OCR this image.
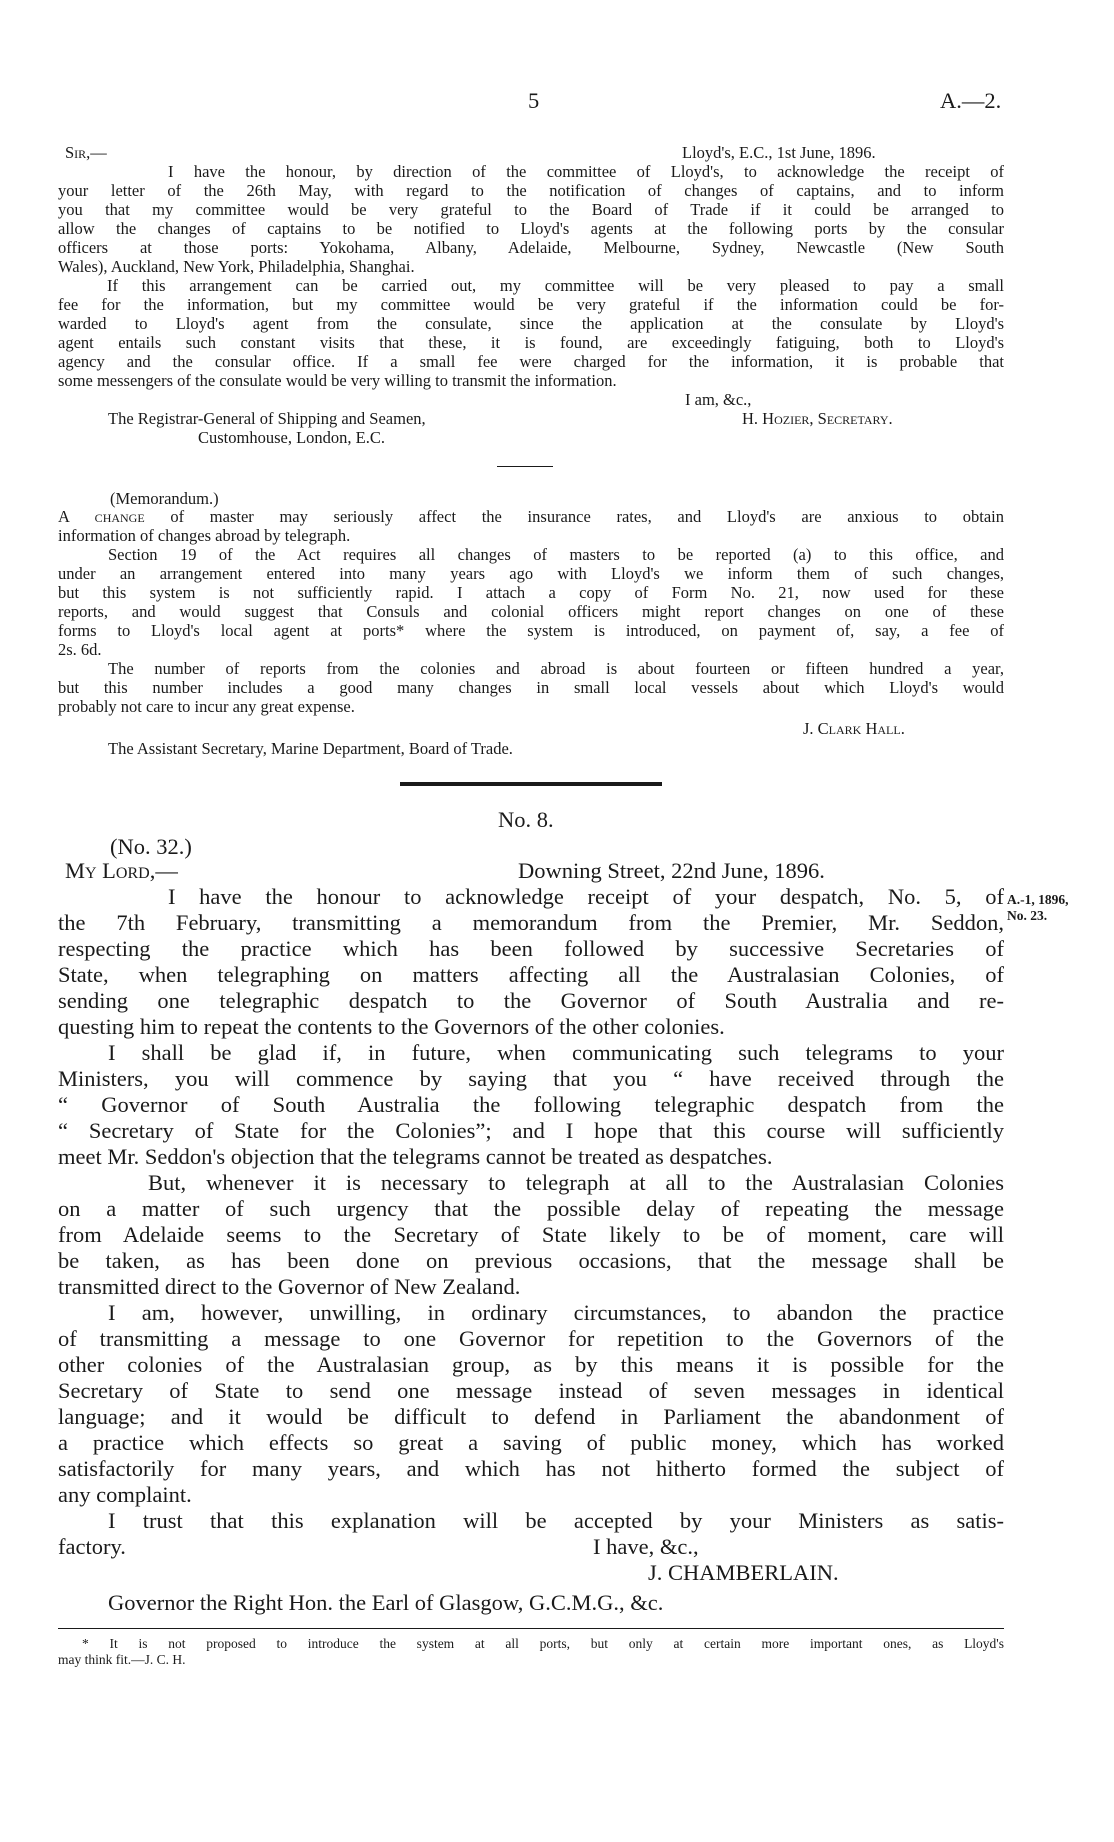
5	A.—2.
Sir,—	Lloyd's, E.C., 1st June, 1896.
I have the honour, by direction of the committee of Lloyd's, to acknowledge the receipt of
your letter of the 26th May, with regard to the notification of changes of captains, and to inform
you that my committee would be very grateful to the Board of Trade if it could be arranged to
allow the changes of captains to be notified to Lloyd's agents at the following ports by the consular
officers at those ports: Yokohama, Albany, Adelaide, Melbourne, Sydney, Newcastle (New South
Wales), Auckland, New York, Philadelphia, Shanghai.
If this arrangement can be carried out, my committee will be very pleased to pay a small
fee for the information, but my committee would be very grateful if the information could be for-
warded to Lloyd's agent from the consulate, since the application at the consulate by Lloyd's
agent entails such constant visits that these, it is found, are exceedingly fatiguing, both to Lloyd's
agency and the consular office. If a small fee were charged for the information, it is probable that
some messengers of the consulate would be very willing to transmit the information.
I am, &c.,
The Registrar-General of Shipping and Seamen,	H. Hozier, Secretary.
Customhouse, London, E.C.
(Memorandum.)
A change of master may seriously affect the insurance rates, and Lloyd's are anxious to obtain
information of changes abroad by telegraph.
Section 19 of the Act requires all changes of masters to be reported (a) to this office, and
under an arrangement entered into many years ago with Lloyd's we inform them of such changes,
but this system is not sufficiently rapid. I attach a copy of Form No. 21, now used for these
reports, and would suggest that Consuls and colonial officers might report changes on one of these
forms to Lloyd's local agent at ports* where the system is introduced, on payment of, say, a fee of
2s. 6d.
The number of reports from the colonies and abroad is about fourteen or fifteen hundred a year,
but this number includes a good many changes in small local vessels about which Lloyd's would
probably not care to incur any great expense.
J. Clark Hall.
The Assistant Secretary, Marine Department, Board of Trade.
No. 8.
(No. 32.)
My Lord,—	Downing Street, 22nd June, 1896.
A.-1, 1896,
No. 23.
I have the honour to acknowledge receipt of your despatch, No. 5, of
the 7th February, transmitting a memorandum from the Premier, Mr. Seddon,
respecting the practice which has been followed by successive Secretaries of
State, when telegraphing on matters affecting all the Australasian Colonies, of
sending one telegraphic despatch to the Governor of South Australia and re-
questing him to repeat the contents to the Governors of the other colonies.
I shall be glad if, in future, when communicating such telegrams to your
Ministers, you will commence by saying that you “ have received through the
“ Governor of South Australia the following telegraphic despatch from the
“ Secretary of State for the Colonies”; and I hope that this course will sufficiently
meet Mr. Seddon's objection that the telegrams cannot be treated as despatches.
But, whenever it is necessary to telegraph at all to the Australasian Colonies
on a matter of such urgency that the possible delay of repeating the message
from Adelaide seems to the Secretary of State likely to be of moment, care will
be taken, as has been done on previous occasions, that the message shall be
transmitted direct to the Governor of New Zealand.
I am, however, unwilling, in ordinary circumstances, to abandon the practice
of transmitting a message to one Governor for repetition to the Governors of the
other colonies of the Australasian group, as by this means it is possible for the
Secretary of State to send one message instead of seven messages in identical
language; and it would be difficult to defend in Parliament the abandonment of
a practice which effects so great a saving of public money, which has worked
satisfactorily for many years, and which has not hitherto formed the subject of
any complaint.
I trust that this explanation will be accepted by your Ministers as satis-
factory.	I have, &c.,
J. CHAMBERLAIN.
Governor the Right Hon. the Earl of Glasgow, G.C.M.G., &c.
* It is not proposed to introduce the system at all ports, but only at certain more important ones, as Lloyd's
may think fit.—J. C. H.
